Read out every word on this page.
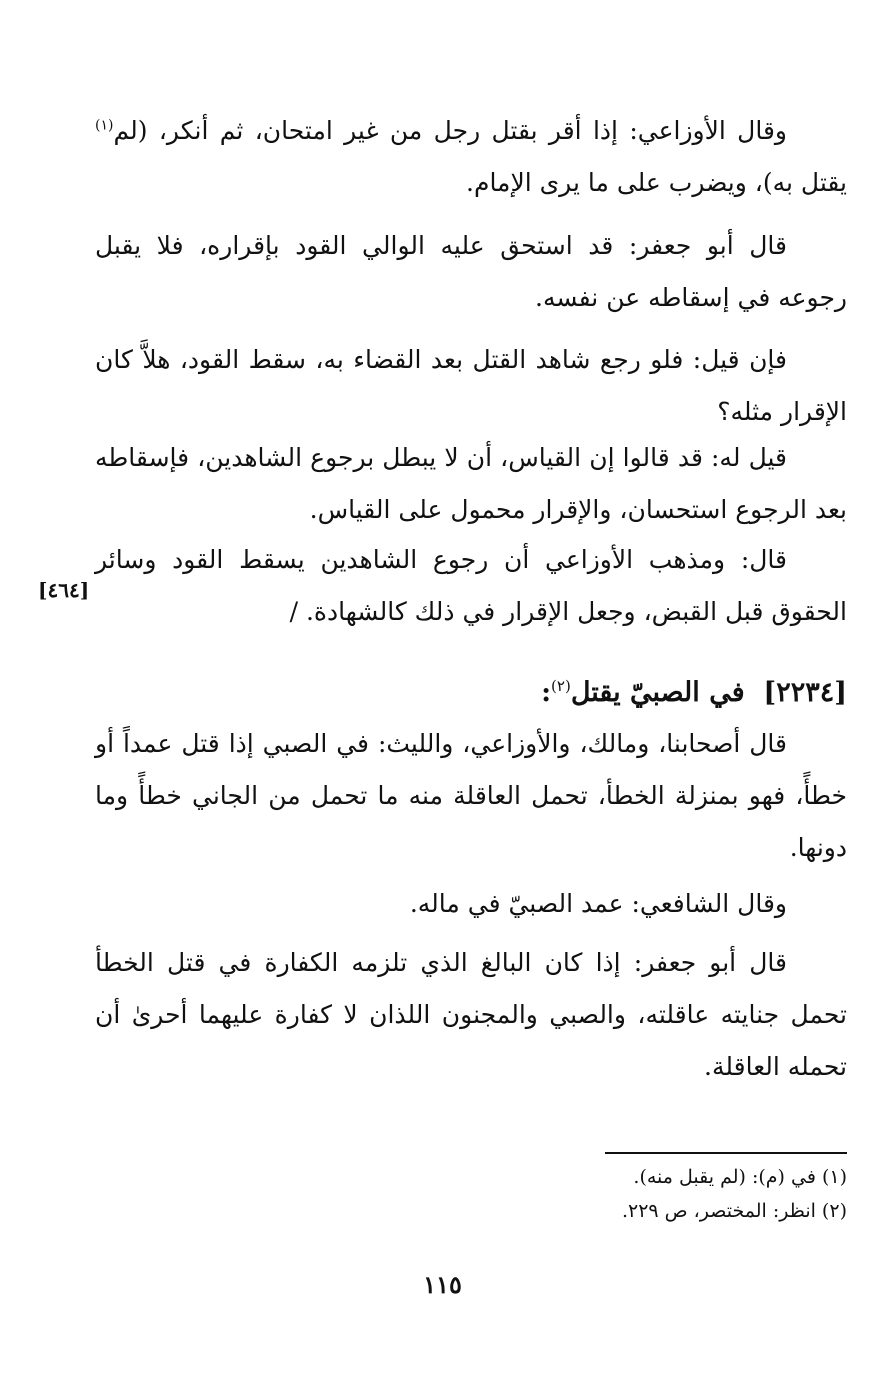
وقال الأوزاعي: إذا أقر بقتل رجل من غير امتحان، ثم أنكر، (لم$^{(١)}$ يقتل به)، ويضرب على ما يرى الإمام.

قال أبو جعفر: قد استحق عليه الوالي القود بإقراره، فلا يقبل رجوعه في إسقاطه عن نفسه.

فإن قيل: فلو رجع شاهد القتل بعد القضاء به، سقط القود، هلاَّ كان الإقرار مثله؟

قيل له: قد قالوا إن القياس، أن لا يبطل برجوع الشاهدين، فإسقاطه بعد الرجوع استحسان، والإقرار محمول على القياس.

قال: ومذهب الأوزاعي أن رجوع الشاهدين يسقط القود وسائر الحقوق قبل القبض، وجعل الإقرار في ذلك كالشهادة. /

[٤٦٤]
[٢٢٣٤]  في الصبيّ يقتل$^{(٢)}$:

قال أصحابنا، ومالك، والأوزاعي، والليث: في الصبي إذا قتل عمداً أو خطأً، فهو بمنزلة الخطأ، تحمل العاقلة منه ما تحمل من الجاني خطأً وما دونها.

وقال الشافعي: عمد الصبيّ في ماله.

قال أبو جعفر: إذا كان البالغ الذي تلزمه الكفارة في قتل الخطأ تحمل جنايته عاقلته، والصبي والمجنون اللذان لا كفارة عليهما أحرىٰ أن تحمله العاقلة.

(١) في (م): (لم يقبل منه).
(٢) انظر: المختصر، ص ٢٢٩.
١١٥
